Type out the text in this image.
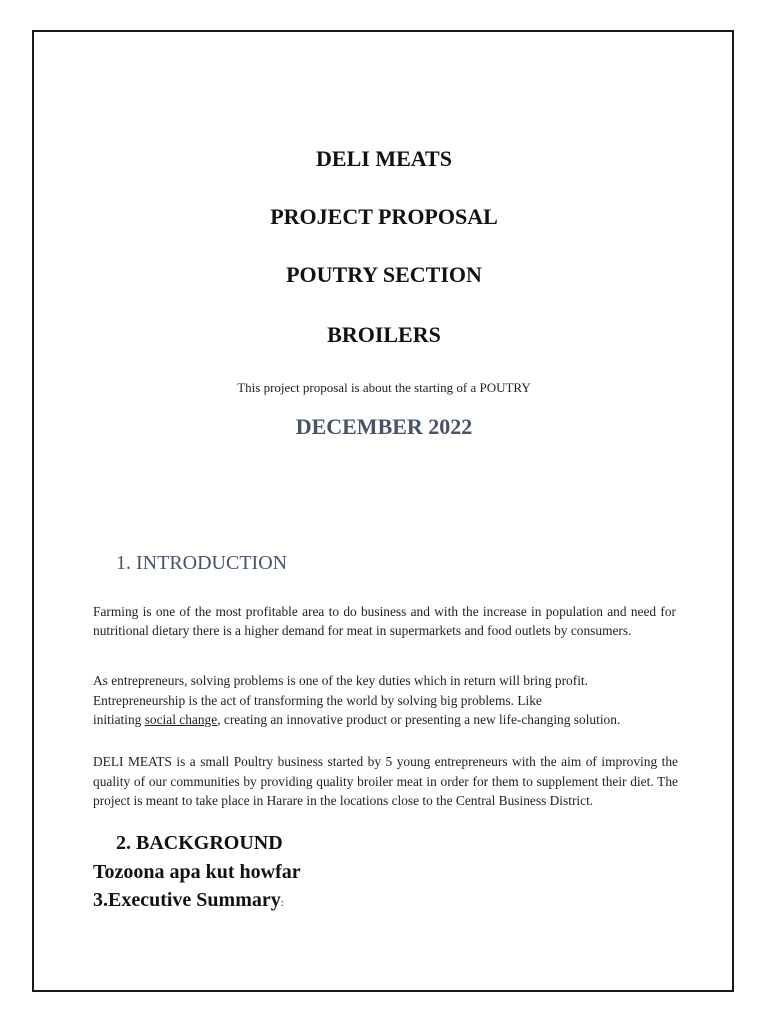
DELI MEATS
PROJECT PROPOSAL
POUTRY SECTION
BROILERS
This project proposal is about the starting of a POUTRY
DECEMBER 2022
1. INTRODUCTION

Farming is one of the most profitable area to do business and with the increase in population and need for nutritional dietary there is a higher demand for meat in supermarkets and food outlets by consumers.

As entrepreneurs, solving problems is one of the key duties which in return will bring profit.
Entrepreneurship is the act of transforming the world by solving big problems. Like
initiating social change, creating an innovative product or presenting a new life-changing solution.

DELI MEATS is a small Poultry business started by 5 young entrepreneurs with the aim of improving the quality of our communities by providing quality broiler meat in order for them to supplement their diet. The project is meant to take place in Harare in the locations close to the Central Business District.

2. BACKGROUND
Tozoona apa kut howfar
3.Executive Summary:
